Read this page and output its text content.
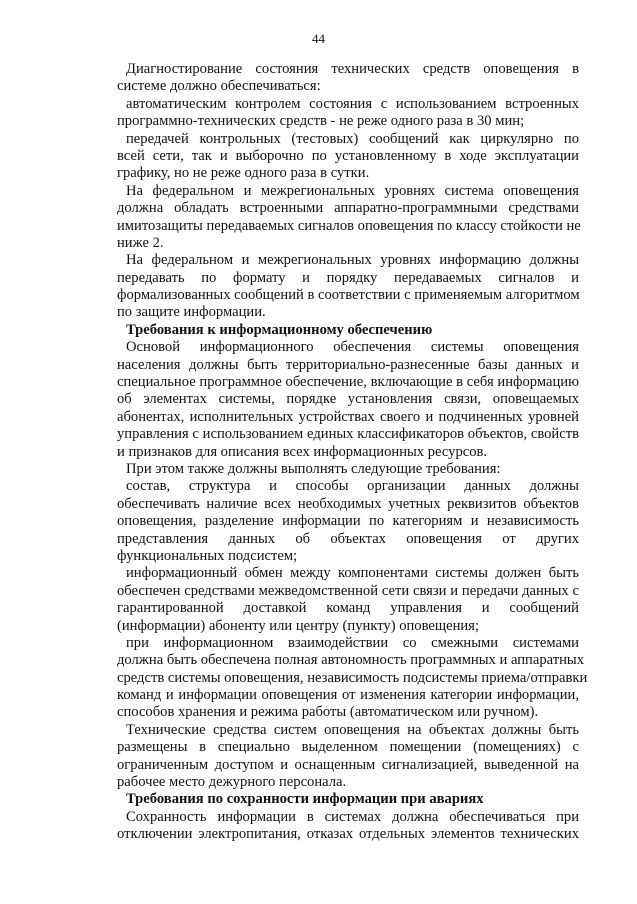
44
Диагностирование состояния технических средств оповещения в
системе должно обеспечиваться:
автоматическим контролем состояния с использованием встроенных
программно-технических средств - не реже одного раза в 30 мин;
передачей контрольных (тестовых) сообщений как циркулярно по
всей сети, так и выборочно по установленному в ходе эксплуатации
графику, но не реже одного раза в сутки.
На федеральном и межрегиональных уровнях система оповещения
должна обладать встроенными аппаратно-программными средствами
имитозащиты передаваемых сигналов оповещения по классу стойкости не
ниже 2.
На федеральном и межрегиональных уровнях информацию должны
передавать по формату и порядку передаваемых сигналов и
формализованных сообщений в соответствии с применяемым алгоритмом
по защите информации.
Требования к информационному обеспечению
Основой информационного обеспечения системы оповещения
населения должны быть территориально-разнесенные базы данных и
специальное программное обеспечение, включающие в себя информацию
об элементах системы, порядке установления связи, оповещаемых
абонентах, исполнительных устройствах своего и подчиненных уровней
управления с использованием единых классификаторов объектов, свойств
и признаков для описания всех информационных ресурсов.
При этом также должны выполнять следующие требования:
состав, структура и способы организации данных должны
обеспечивать наличие всех необходимых учетных реквизитов объектов
оповещения, разделение информации по категориям и независимость
представления данных об объектах оповещения от других
функциональных подсистем;
информационный обмен между компонентами системы должен быть
обеспечен средствами межведомственной сети связи и передачи данных с
гарантированной доставкой команд управления и сообщений
(информации) абоненту или центру (пункту) оповещения;
при информационном взаимодействии со смежными системами
должна быть обеспечена полная автономность программных и аппаратных
средств системы оповещения, независимость подсистемы приема/отправки
команд и информации оповещения от изменения категории информации,
способов хранения и режима работы (автоматическом или ручном).
Технические средства систем оповещения на объектах должны быть
размещены в специально выделенном помещении (помещениях) с
ограниченным доступом и оснащенным сигнализацией, выведенной на
рабочее место дежурного персонала.
Требования по сохранности информации при авариях
Сохранность информации в системах должна обеспечиваться при
отключении электропитания, отказах отдельных элементов технических
